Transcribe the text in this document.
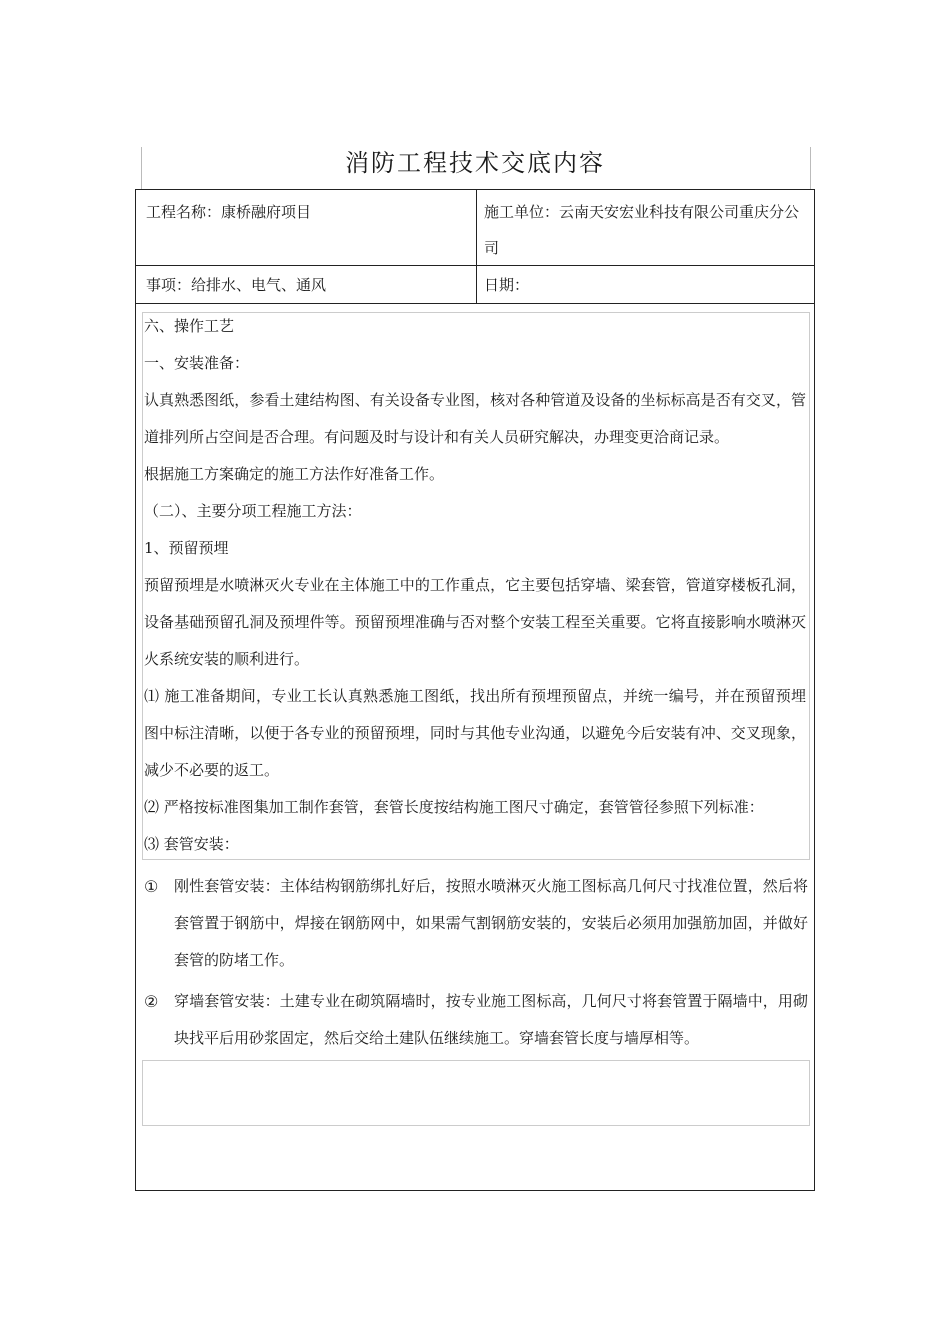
消防工程技术交底内容
工程名称：康桥融府项目	施工单位：云南天安宏业科技有限公司重庆分公司
事项：给排水、电气、通风	日期：

六、操作工艺

一、安装准备：

认真熟悉图纸，参看土建结构图、有关设备专业图，核对各种管道及设备的坐标标高是否有交叉，管道排列所占空间是否合理。有问题及时与设计和有关人员研究解决，办理变更洽商记录。

根据施工方案确定的施工方法作好准备工作。

（二）、主要分项工程施工方法：

1、预留预埋

预留预埋是水喷淋灭火专业在主体施工中的工作重点，它主要包括穿墙、梁套管，管道穿楼板孔洞，设备基础预留孔洞及预埋件等。预留预埋准确与否对整个安装工程至关重要。它将直接影响水喷淋灭火系统安装的顺利进行。

⑴ 施工准备期间，专业工长认真熟悉施工图纸，找出所有预埋预留点，并统一编号，并在预留预埋图中标注清晰，以便于各专业的预留预埋，同时与其他专业沟通，以避免今后安装有冲、交叉现象，减少不必要的返工。

⑵ 严格按标准图集加工制作套管，套管长度按结构施工图尺寸确定，套管管径参照下列标准：

⑶ 套管安装：

①	刚性套管安装：主体结构钢筋绑扎好后，按照水喷淋灭火施工图标高几何尺寸找准位置，然后将套管置于钢筋中，焊接在钢筋网中，如果需气割钢筋安装的，安装后必须用加强筋加固，并做好套管的防堵工作。
②	穿墙套管安装：土建专业在砌筑隔墙时，按专业施工图标高，几何尺寸将套管置于隔墙中，用砌块找平后用砂浆固定，然后交给土建队伍继续施工。穿墙套管长度与墙厚相等。
